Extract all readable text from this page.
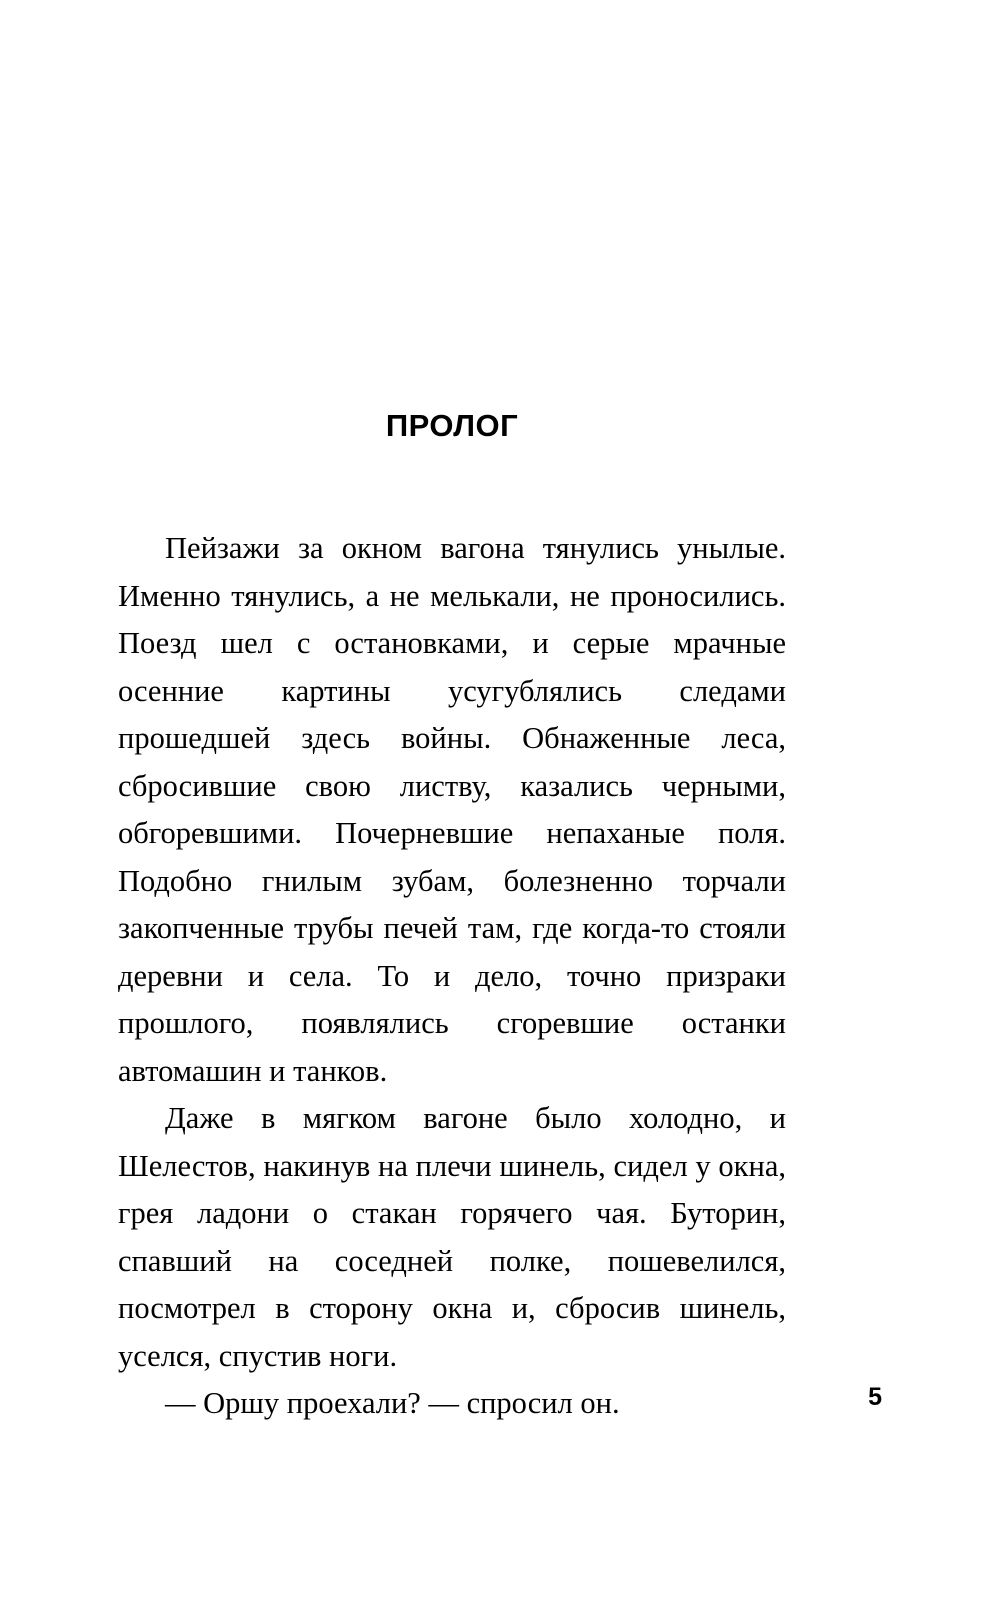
ПРОЛОГ

Пейзажи за окном вагона тянулись унылые. Именно тянулись, а не мелькали, не проносились. Поезд шел с остановками, и серые мрачные осенние картины усугублялись следами прошедшей здесь войны. Обнаженные леса, сбросившие свою листву, казались черными, обгоревшими. Почерневшие непаханые поля. Подобно гнилым зубам, болезненно торчали закопченные трубы печей там, где когда-то стояли деревни и села. То и дело, точно призраки прошлого, появлялись сгоревшие останки автомашин и танков.

Даже в мягком вагоне было холодно, и Шелестов, накинув на плечи шинель, сидел у окна, грея ладони о стакан горячего чая. Буторин, спавший на соседней полке, пошевелился, посмотрел в сторону окна и, сбросив шинель, уселся, спустив ноги.

— Оршу проехали? — спросил он.	5
